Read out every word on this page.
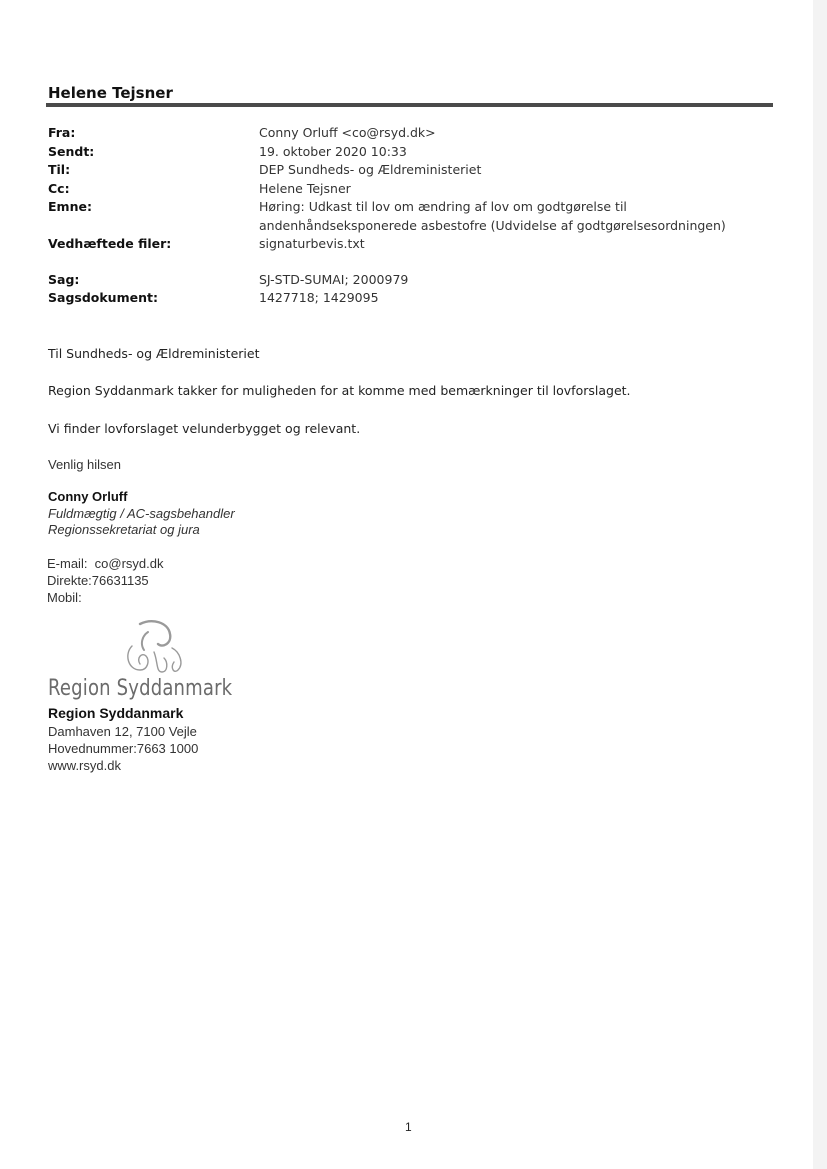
Helene Tejsner
Fra:	Conny Orluff <co@rsyd.dk>
Sendt:	19. oktober 2020 10:33
Til:	DEP Sundheds- og Ældreministeriet
Cc:	Helene Tejsner
Emne:	Høring: Udkast til lov om ændring af lov om godtgørelse til
andenhåndseksponerede asbestofre (Udvidelse af godtgørelsesordningen)
Vedhæftede filer:	signaturbevis.txt
Sag:	SJ-STD-SUMAI; 2000979
Sagsdokument:	1427718; 1429095
Til Sundheds- og Ældreministeriet
Region Syddanmark takker for muligheden for at komme med bemærkninger til lovforslaget.
Vi finder lovforslaget velunderbygget og relevant.
Venlig hilsen
Conny Orluff
Fuldmægtig / AC-sagsbehandler
Regionssekretariat og jura
E-mail:  co@rsyd.dk
Direkte:76631135
Mobil:
Region Syddanmark
Region Syddanmark
Damhaven 12, 7100 Vejle
Hovednummer:7663 1000
www.rsyd.dk
1
